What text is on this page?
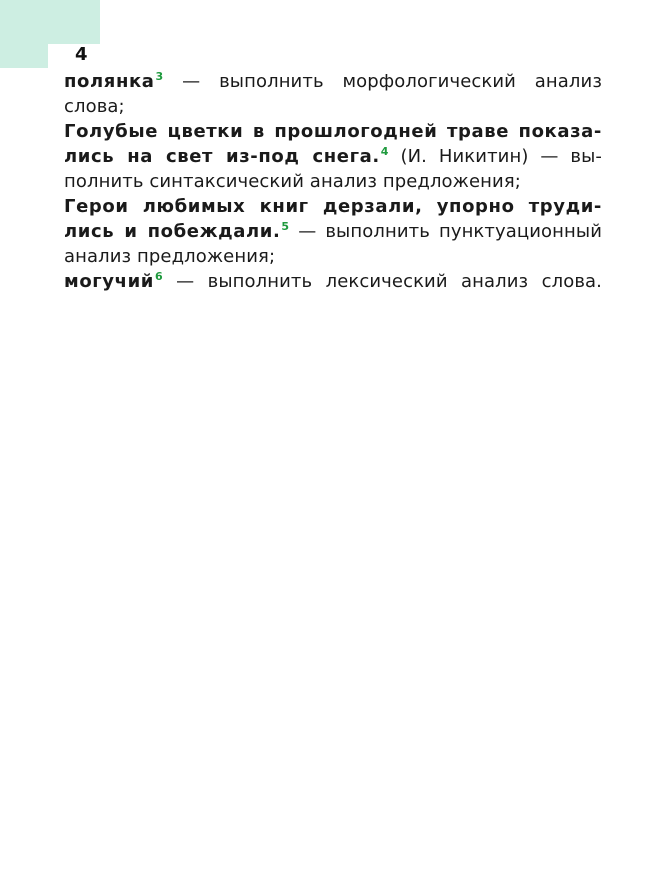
4
полянка$^3$ — выполнить морфологический анализ
слова;
Голубые цветки в прошлогодней траве показа-
лись на свет из-под снега.$^4$ (И. Никитин) — вы-
полнить синтаксический анализ предложения;
Герои любимых книг дерзали, упорно труди-
лись и побеждали.$^5$ — выполнить пунктуационный
анализ предложения;
могучий$^6$ — выполнить лексический анализ слова.
